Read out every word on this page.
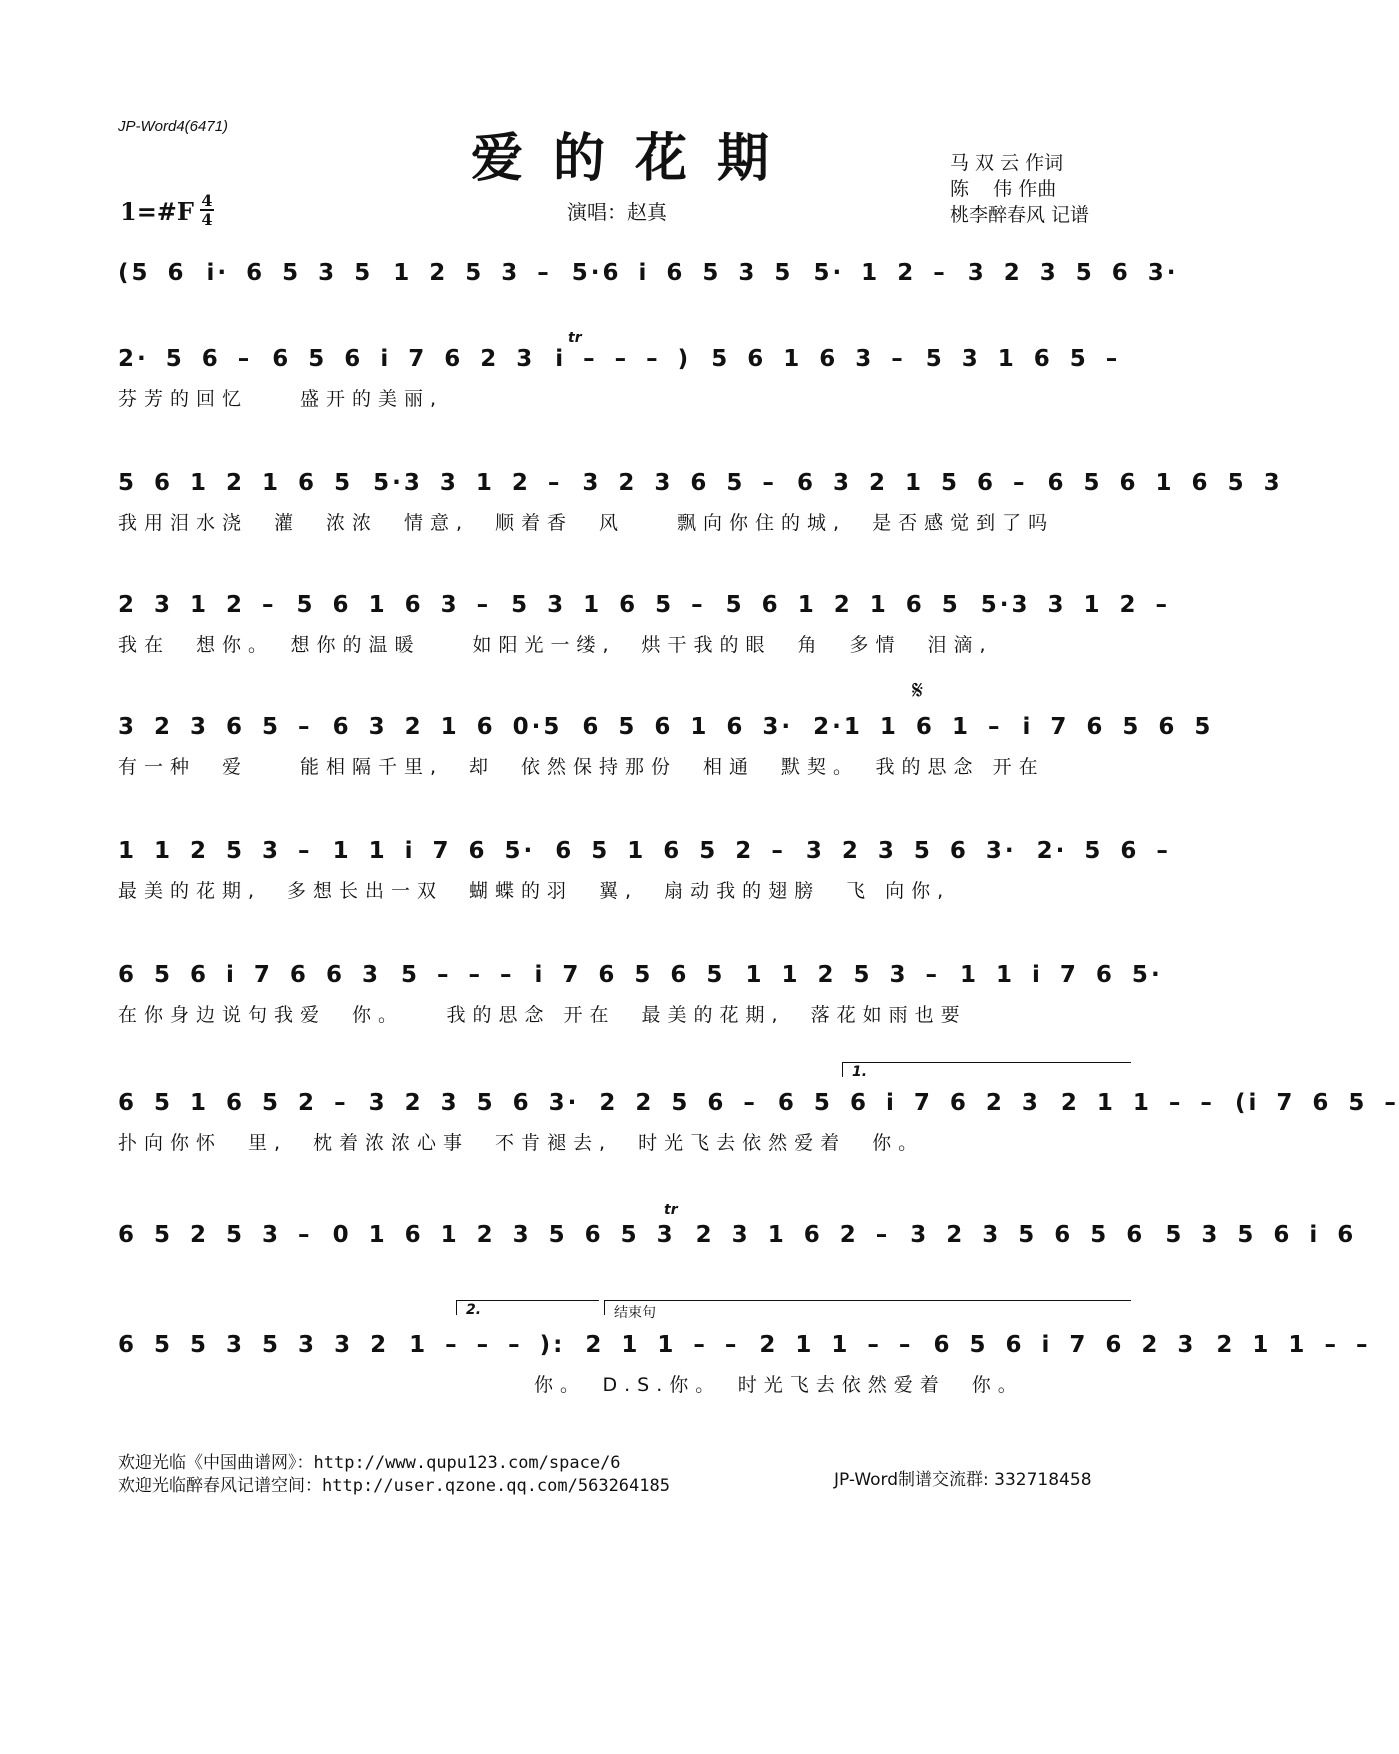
JP-Word4(6471)
爱的花期	马 双 云 作词
陈    伟 作曲
桃李醉春风 记谱
1=#F 4
4	演唱：赵真
(5 6 i· 6 5 3 5 1 2 5 3 – 5·6 i 6 5 3 5 5· 1 2 – 3 2 3 5 6 3·
2· 5 6 – 6 5 6 i 7 6 2 3 i – – – ) 5 6 1 6 3 – 5 3 1 6 5 –
芬芳的回忆　　盛开的美丽,
5 6 1 2 1 6 5 5·3 3 1 2 – 3 2 3 6 5 – 6 3 2 1 5 6 – 6 5 6 1 6 5 3
我用泪水浇　灌　浓浓　情意,　顺着香　风　　飘向你住的城,　是否感觉到了吗
2 3 1 2 – 5 6 1 6 3 – 5 3 1 6 5 – 5 6 1 2 1 6 5 5·3 3 1 2 –
我在　想你。　想你的温暖　　如阳光一缕,　烘干我的眼　角　多情　泪滴,
3 2 3 6 5 – 6 3 2 1 6 0·5 6 5 6 1 6 3· 2·1 1 6 1 – i 7 6 5 6 5
有一种　爱　　能相隔千里,　却　依然保持那份　相通　默契。　我的思念 开在
1 1 2 5 3 – 1 1 i 7 6 5· 6 5 1 6 5 2 – 3 2 3 5 6 3· 2· 5 6 –
最美的花期,　多想长出一双　蝴蝶的羽　翼,　扇动我的翅膀　飞 向你,
6 5 6 i 7 6 6 3 5 – – – i 7 6 5 6 5 1 1 2 5 3 – 1 1 i 7 6 5·
在你身边说句我爱　你。　　我的思念 开在　最美的花期,　落花如雨也要
6 5 1 6 5 2 – 3 2 3 5 6 3· 2 2 5 6 – 6 5 6 i 7 6 2 3 2 1 1 – – (i 7 6 5 –
扑向你怀　里,　枕着浓浓心事　不肯褪去,　时光飞去依然爱着　你。
6 5 2 5 3 – 0 1 6 1 2 3 5 6 5 3 2 3 1 6 2 – 3 2 3 5 6 5 6 5 3 5 6 i 6
6 5 5 3 5 3 3 2 1 – – – ): 2 1 1 – – 2 1 1 – – 6 5 6 i 7 6 2 3 2 1 1 – –
　　　　　　　　　　　　　　　　你。　D.S.你。　时光飞去依然爱着　你。
𝄋
1.
2.	结束句
tr
tr
欢迎光临《中国曲谱网》：http://www.qupu123.com/space/6
欢迎光临醉春风记谱空间：http://user.qzone.qq.com/563264185	JP-Word制谱交流群: 332718458
